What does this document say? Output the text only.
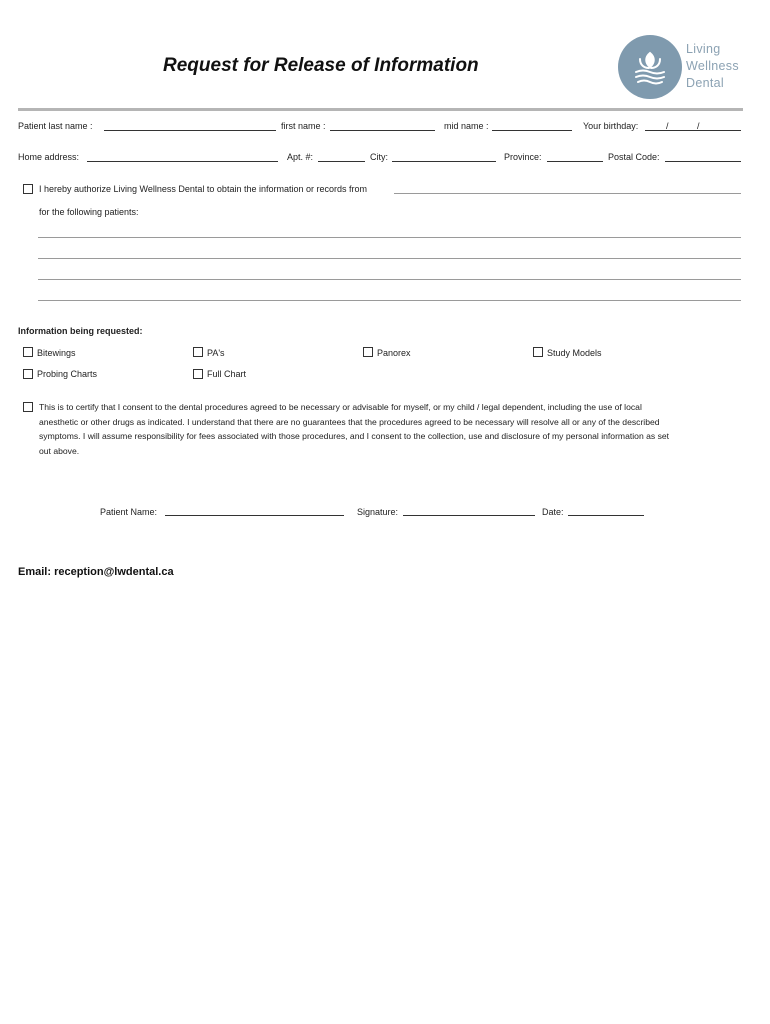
Request for Release of Information
Living
Wellness
Dental
Patient last name :	first name :	mid name :	Your birthday:	/	/
Home address:	Apt. #:	City:	Province:	Postal Code:
I hereby authorize Living Wellness Dental to obtain the information or records from
for the following patients:
Information being requested:
Bitewings	PA's	Panorex	Study Models
Probing Charts	Full Chart
This is to certify that I consent to the dental procedures agreed to be necessary or advisable for myself, or my child / legal dependent, including the use of local
anesthetic or other drugs as indicated. I understand that there are no guarantees that the procedures agreed to be necessary will resolve all or any of the described
symptoms. I will assume responsibility for fees associated with those procedures, and I consent to the collection, use and disclosure of my personal information as set
out above.
Patient Name:	Signature:	Date:
Email: reception@lwdental.ca
